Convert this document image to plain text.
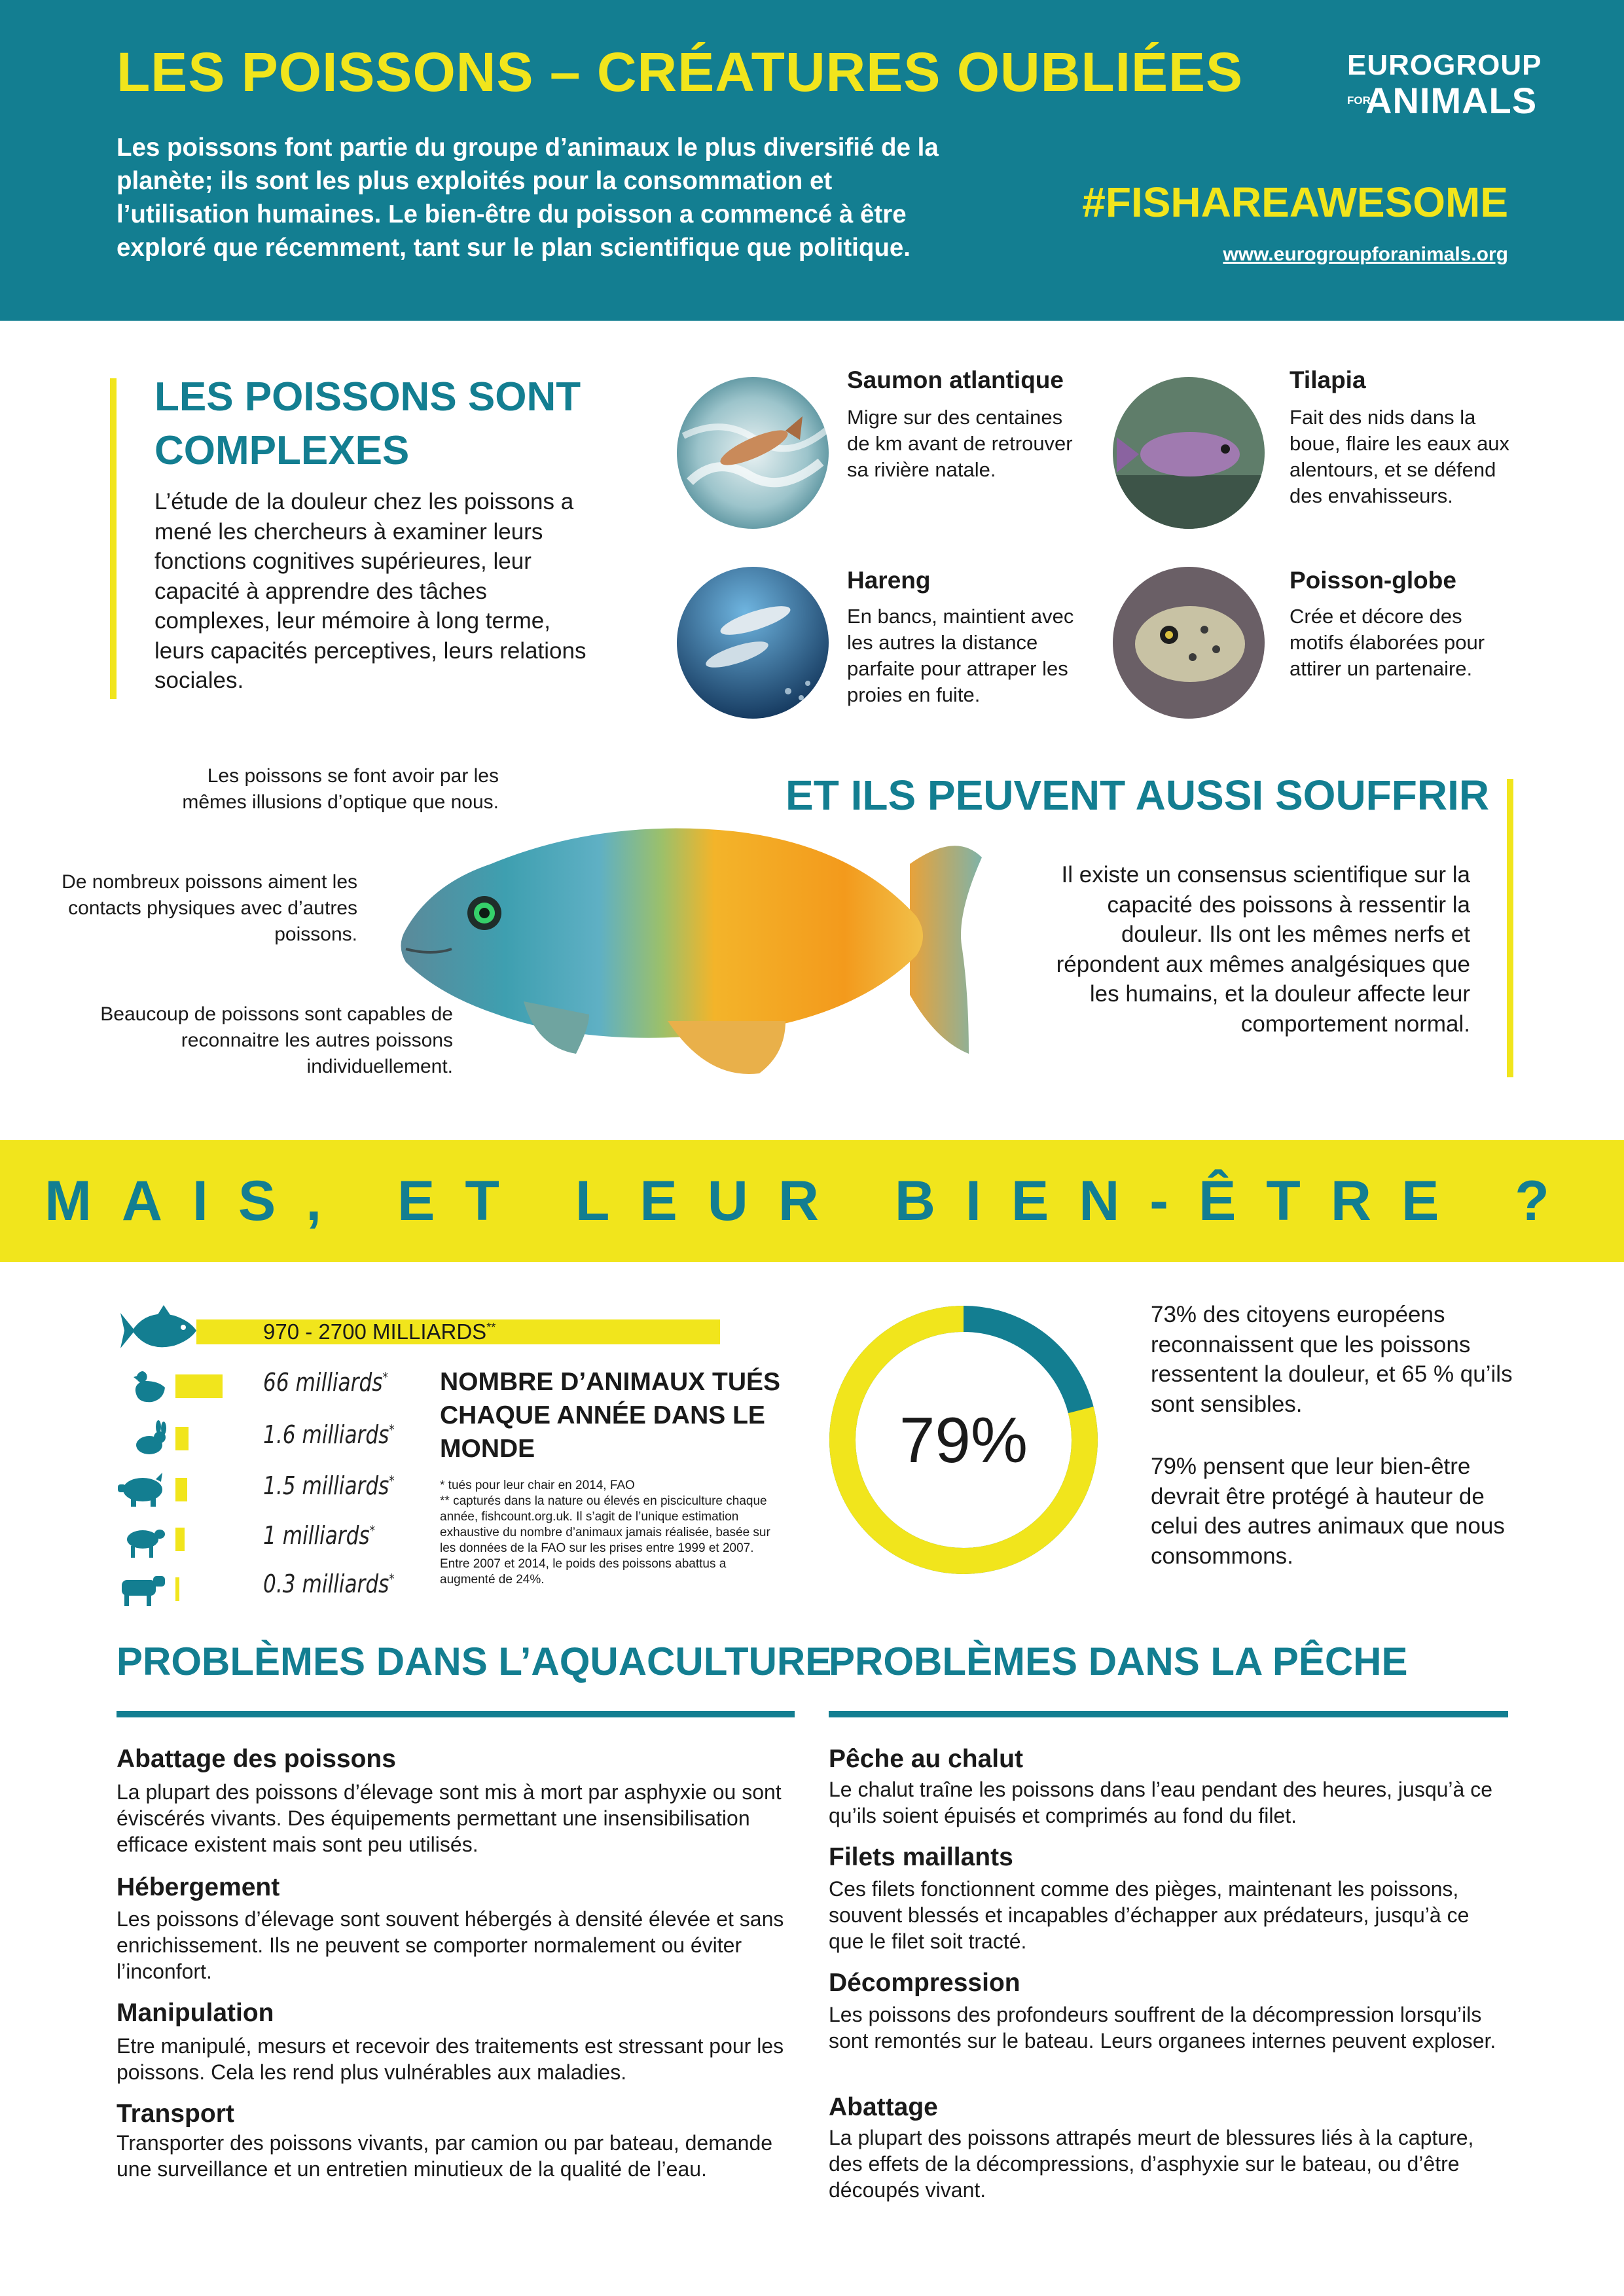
LES POISSONS – CRÉATURES OUBLIÉES
Les poissons font partie du groupe d’animaux le plus diversifié de la planète; ils sont les plus exploités pour la consommation et l’utilisation humaines. Le bien-être du poisson a commencé à être exploré que récemment, tant sur le plan scientifique que politique.
EUROGROUP
FOR
ANIMALS
#FISHAREAWESOME
www.eurogroupforanimals.org
LES POISSONS SONT COMPLEXES
L’étude de la douleur chez les poissons a mené les chercheurs à examiner leurs fonctions cognitives supérieures, leur capacité à apprendre des tâches complexes, leur mémoire à long terme, leurs capacités perceptives, leurs relations sociales.
Saumon atlantique
Migre sur des centaines de km avant de retrouver sa rivière natale.
Tilapia
Fait des nids dans la boue, flaire les eaux aux alentours, et se défend des envahisseurs.
Hareng
En bancs, maintient avec les autres la distance parfaite pour attraper les proies en fuite.
Poisson-globe
Crée et décore des motifs élaborées pour attirer un partenaire.
Les poissons se font avoir par les mêmes illusions d’optique que nous.
De nombreux poissons aiment les contacts physiques avec d’autres poissons.
Beaucoup de poissons sont capables de reconnaitre les autres poissons individuellement.
ET ILS PEUVENT AUSSI SOUFFRIR
Il existe un consensus scientifique sur la capacité des poissons à ressentir la douleur. Ils ont les mêmes nerfs et répondent aux mêmes analgésiques que les humains, et la douleur affecte leur comportement normal.
MAIS, ET LEUR BIEN-ÊTRE ?
970 - 2700 MILLIARDS**
66 milliards*
1.6 milliards*
1.5 milliards*
1 milliards*
0.3 milliards*
NOMBRE D’ANIMAUX TUÉS CHAQUE ANNÉE DANS LE MONDE
* tués pour leur chair en 2014, FAO
** capturés dans la nature ou élevés en pisciculture chaque année, fishcount.org.uk. Il s’agit de l’unique estimation exhaustive du nombre d’animaux jamais réalisée, basée sur les données de la FAO sur les prises entre 1999 et 2007. Entre 2007 et 2014, le poids des poissons abattus a augmenté de 24%.
79%
73% des citoyens européens reconnaissent que les poissons ressentent la douleur, et 65 % qu’ils sont sensibles.
79% pensent que leur bien-être devrait être protégé à hauteur de celui des autres animaux que nous consommons.
PROBLÈMES DANS L’AQUACULTURE
Abattage des poissons
La plupart des poissons d’élevage sont mis à mort par asphyxie ou sont éviscérés vivants. Des équipements permettant une insensibilisation efficace existent mais sont peu utilisés.
Hébergement
Les poissons d’élevage sont souvent hébergés à densité élevée et sans enrichissement. Ils ne peuvent se comporter normalement ou éviter l’inconfort.
Manipulation
Etre manipulé, mesurs et recevoir des traitements est stressant pour les poissons. Cela les rend plus vulnérables aux maladies.
Transport
Transporter des poissons vivants, par camion ou par bateau, demande une surveillance et un entretien minutieux de la qualité de l’eau.
PROBLÈMES DANS LA PÊCHE
Pêche au chalut
Le chalut traîne les poissons dans l’eau pendant des heures, jusqu’à ce qu’ils soient épuisés et comprimés au fond du filet.
Filets maillants
Ces filets fonctionnent comme des pièges, maintenant les poissons, souvent blessés et incapables d’échapper aux prédateurs, jusqu’à ce que le filet soit tracté.
Décompression
Les poissons des profondeurs souffrent de la décompression lorsqu’ils sont remontés sur le bateau. Leurs organees internes peuvent exploser.
Abattage
La plupart des poissons attrapés meurt de blessures liés à la capture, des effets de la décompressions, d’asphyxie sur le bateau, ou d’être découpés vivant.
